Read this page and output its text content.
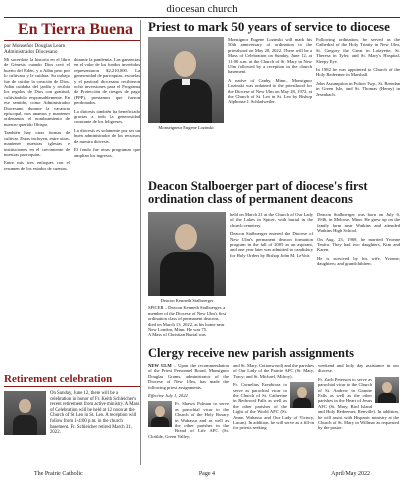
diocesan church
En Tierra Buena
por Monseñor Douglas Learn
Administrador Diocesano

Mi sacerdote la historia en el libro de Génesis cuando Dios creó el huerto del Edén, y a Adán pero por lo cultivara y le cuidara. Su trabajo fue de cuidar la creación de Dios. Adán cuidaba del jardín y recibía los regalos de Dios con gratitud, cultivándolo responsablemente. En ese sentido, como Administrador Diocesano durante la vacancia episcopal, nos unamos y mantener ordenamos el nombramiento de nuestro querido Obispo.

También hay otras formas de cultivar. Estas incluyen, entre otras, mantener nuestras iglesias e instituciones en el crecimiento de nuestras parroquias.

Entre mis tres enfoques con el resumen de los estados de cuentas.

durante la pandemia. Las ganancias en el valor de los fondos invertidos representaron $2,210,000. La generosidad de parroquias, escuelas y el pastoral diocesano recibieron ocho inversiones para el Programa de Protección de riesgos de pago (PPP), prestamos que fueron perdonados.

La diócesis también ha beneficiado gracias a todo la generosidad constante de los feligreses.

La diócesis es solamente por ser un buen administrador de los recursos de nuestra diócesis.

El fondo fue otras programas que amplian los ingresos.

Retirement celebration
On Sunday, June 12, there will be a celebration in honor of Fr. Keith Schleicher's recent retirement from active ministry. A Mass of Celebration will be held at 12 noon at the Church of St Leo in St. Leo. A reception will follow from 1-4:00 p.m. in the church basement. Fr. Schleicher retired March 31, 2022.
Priest to mark 50 years of service to diocese
Monseigneur Eugene Lozinski

Monsignor Eugene Lozinski will mark his 50th anniversary of ordination to the priesthood on May 28, 2022. There will be a Mass of Celebration on Sunday, June 12, at 11:00 a.m. at the Church of St. Mary in New Ulm followed by a reception in the church basement.

A native of Canby, Minn., Monsignor Lozinski was ordained to the priesthood for the Diocese of New Ulm on May 28, 1972, at the Church of St. Leo in St. Leo by Bishop Alphonse J. Schladweiler.

Following ordination, he served as the Cathedral of the Holy Trinity in New Ulm, St. Gregory the Great in Lafayette, St. Theresa in Tyler, and St. Mary's Hospital, Sleepy Eye.

In 1982 he was appointed to Church of the Holy Redeemer in Marshall.

John Assumption in Fulton Twp., St. Brendan in Green Isle, and St. Thomas (Henry) in Jesenbach.

Deacon Stalboerger part of diocese's first ordination class of permanent deacons
Deacon Kenneth Stalboerger
SPICER – Deacon Kenneth Stalboerger, a member of the Diocese of New Ulm's first ordination class of permanent deacons, died on March 13, 2022, at his home near New London, Minn. He was 75.
A Mass of Christian Burial was

held on March 21 at the Church of Our Lady of the Lakes in Spicer, with burial in the church cemetery.

Deacon Stalboerger entered the Diocese of New Ulm's permanent deacon formation program in the fall of 2005 as an aspirant, and one year later was admitted to candidacy for Holy Orders by Bishop John M. LeVoir.

Deacon Stalboerger was born on July 6, 1946, in Melrose, Minn. He grew up on the family farm near Watkins and attended Watkins High School.

On Aug. 23, 1969, he married Yvonne Tenfra. They had two daughters, Kim and Karen.

He is survived by his wife, Yvonne; daughters; and grandchildren.

Clergy receive new parish assignments

NEW ULM – Upon the recommendation of the Priest Personnel Board, Monsignor Douglas Grams, administrator of the Diocese of New Ulm, has made the following priest assignments.

Effective July 1, 2022

Fr. Shawn Polman to serve as parochial vicar to the Church of the Holy Rosary in Wabasso and as well as the other parishes in the Bread of Life AFC (St. Clotilde, Green Valley;

and St. Mary, Cottonwood) and the parishes of Our Lady of the Prairie AFC (St. Mary, Tracy; and St. Michael, Milroy).

Fr. Cornelius Ezeobiora to serve as parochial vicar to the Church of St. Catherine in Redwood Falls as well as the other parishes of the Light of the World AFC (St. Anne, Wabasso and Our Lady of Victory, Lucan). In addition, he will serve as a fill-in for priests seeking

weekend and holy day assistance in our diocese.

Fr. Zach Peterson to serve as parochial vicar to the Church of St. Andrew in Granite Falls as well as the other parishes in the Heart of Jesus AFC (St. Mary, Bird Island and Holy Redeemer, Renville). In addition, he will assist with Hispanic ministry at the Church of St. Mary in Willmar as requested by the pastor.

The Prairie Catholic	Page 4	April/May 2022
